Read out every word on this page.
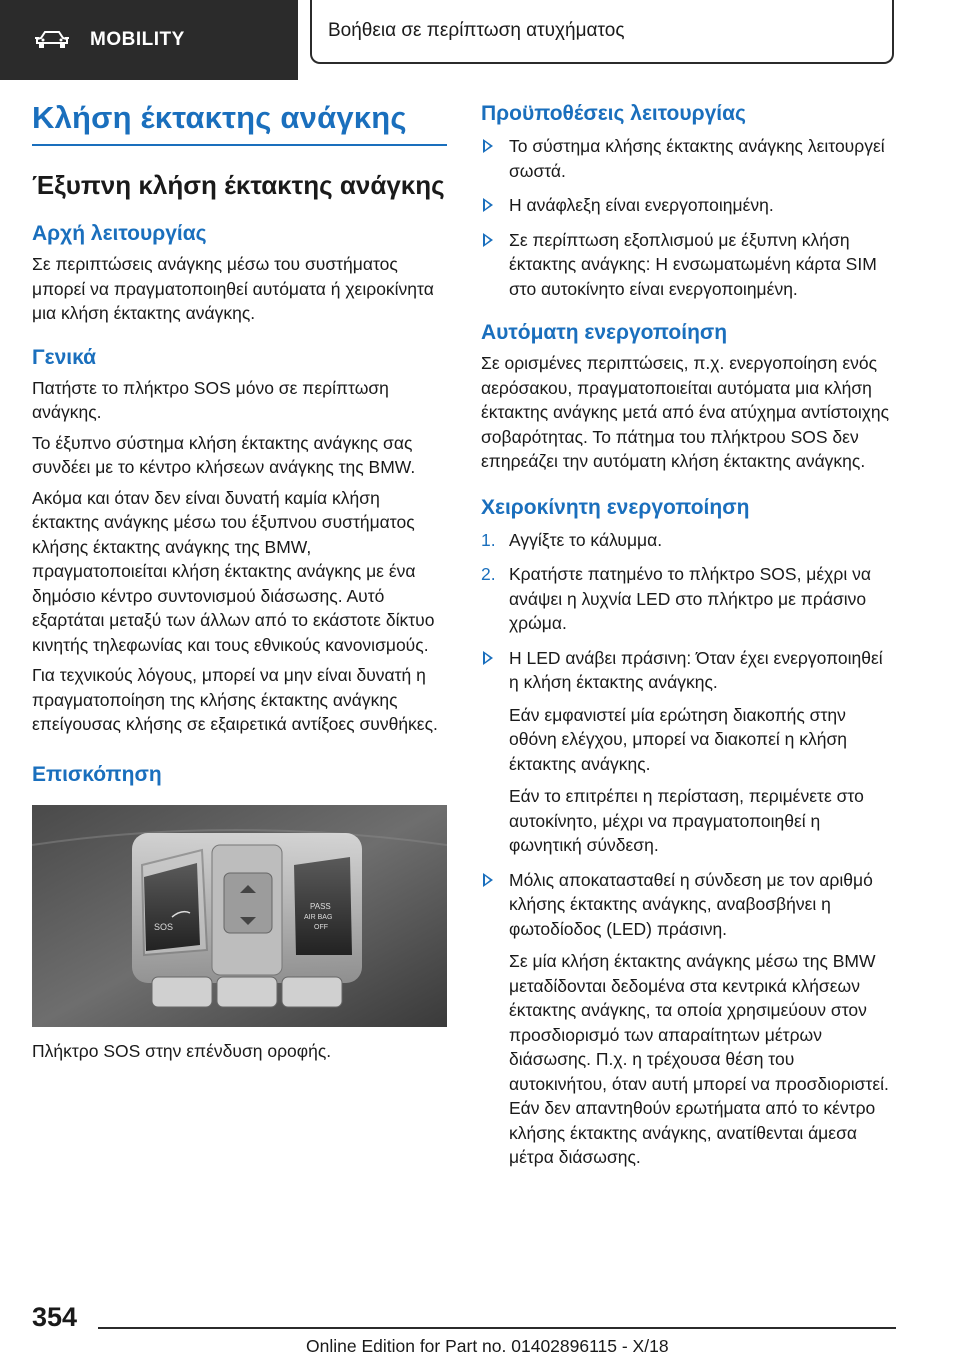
MOBILITY	Βοήθεια σε περίπτωση ατυχήματος
Κλήση έκτακτης ανάγκης
Έξυπνη κλήση έκτακτης ανάγκης
Αρχή λειτουργίας

Σε περιπτώσεις ανάγκης μέσω του συστήματος μπορεί να πραγματοποιηθεί αυτόματα ή χειροκίνητα μια κλήση έκτακτης ανάγκης.

Γενικά

Πατήστε το πλήκτρο SOS μόνο σε περίπτωση ανάγκης.

Το έξυπνο σύστημα κλήση έκτακτης ανάγκης σας συνδέει με το κέντρο κλήσεων ανάγκης της BMW.

Ακόμα και όταν δεν είναι δυνατή καμία κλήση έκτακτης ανάγκης μέσω του έξυπνου συστήματος κλήσης έκτακτης ανάγκης της BMW, πραγματοποιείται κλήση έκτακτης ανάγκης με ένα δημόσιο κέντρο συντονισμού διάσωσης. Αυτό εξαρτάται μεταξύ των άλλων από το εκάστοτε δίκτυο κινητής τηλεφωνίας και τους εθνικούς κανονισμούς.

Για τεχνικούς λόγους, μπορεί να μην είναι δυνατή η πραγματοποίηση της κλήσης έκτακτης ανάγκης επείγουσας κλήσης σε εξαιρετικά αντίξοες συνθήκες.

Επισκόπηση
SOS
PASS
AIR BAG
OFF
Πλήκτρο SOS στην επένδυση οροφής.
Προϋποθέσεις λειτουργίας
Το σύστημα κλήσης έκτακτης ανάγκης λειτουργεί σωστά.
Η ανάφλεξη είναι ενεργοποιημένη.
Σε περίπτωση εξοπλισμού με έξυπνη κλήση έκτακτης ανάγκης: Η ενσωματωμένη κάρτα SIM στο αυτοκίνητο είναι ενεργοποιημένη.
Αυτόματη ενεργοποίηση

Σε ορισμένες περιπτώσεις, π.χ. ενεργοποίηση ενός αερόσακου, πραγματοποιείται αυτόματα μια κλήση έκτακτης ανάγκης μετά από ένα ατύχημα αντίστοιχης σοβαρότητας. Το πάτημα του πλήκτρου SOS δεν επηρεάζει την αυτόματη κλήση έκτακτης ανάγκης.

Χειροκίνητη ενεργοποίηση
1. Αγγίξτε το κάλυμμα.
2. Κρατήστε πατημένο το πλήκτρο SOS, μέχρι να ανάψει η λυχνία LED στο πλήκτρο με πράσινο χρώμα.
Η LED ανάβει πράσινη: Όταν έχει ενεργοποιηθεί η κλήση έκτακτης ανάγκης.
Εάν εμφανιστεί μία ερώτηση διακοπής στην οθόνη ελέγχου, μπορεί να διακοπεί η κλήση έκτακτης ανάγκης.
Εάν το επιτρέπει η περίσταση, περιμένετε στο αυτοκίνητο, μέχρι να πραγματοποιηθεί η φωνητική σύνδεση.
Μόλις αποκατασταθεί η σύνδεση με τον αριθμό κλήσης έκτακτης ανάγκης, αναβοσβήνει η φωτοδίοδος (LED) πράσινη.
Σε μία κλήση έκτακτης ανάγκης μέσω της BMW μεταδίδονται δεδομένα στα κεντρικά κλήσεων έκτακτης ανάγκης, τα οποία χρησιμεύουν στον προσδιορισμό των απαραίτητων μέτρων διάσωσης. Π.χ. η τρέχουσα θέση του αυτοκινήτου, όταν αυτή μπορεί να προσδιοριστεί. Εάν δεν απαντηθούν ερωτήματα από το κέντρο κλήσης έκτακτης ανάγκης, ανατίθενται άμεσα μέτρα διάσωσης.
354
Online Edition for Part no. 01402896115 - X/18
